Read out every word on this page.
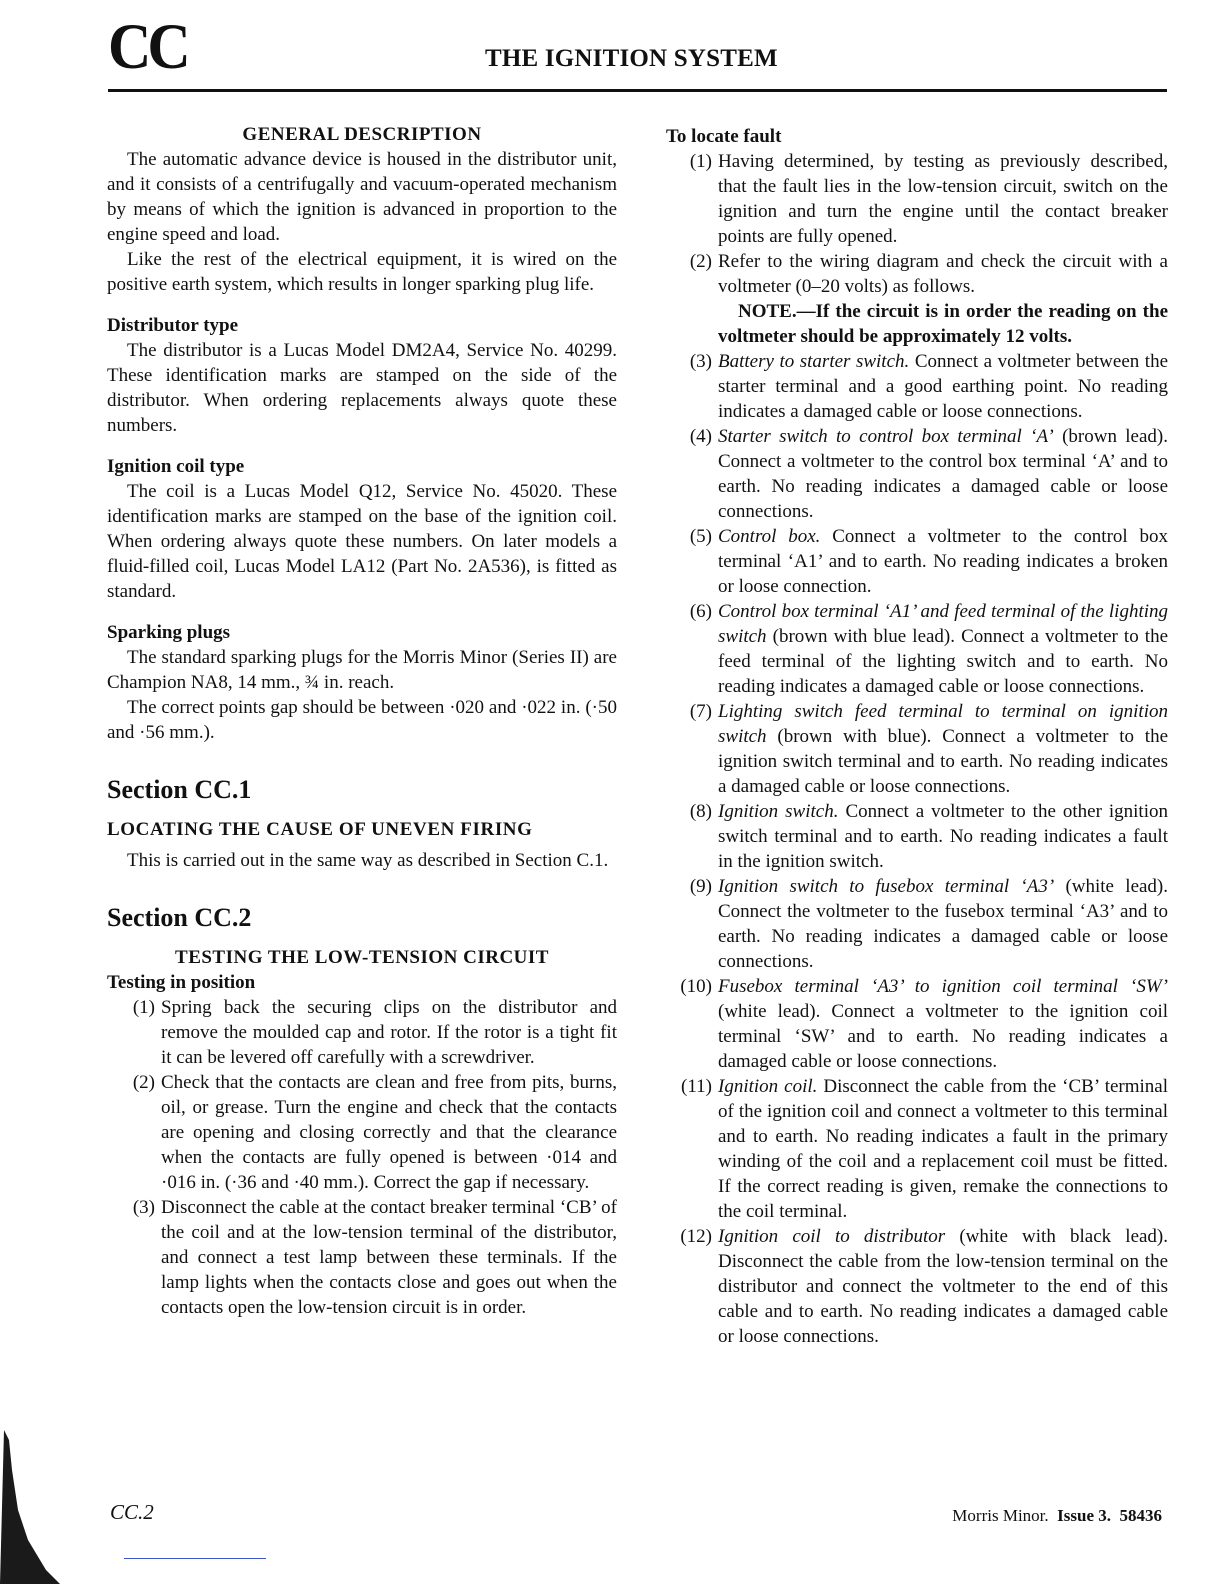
CC	THE IGNITION SYSTEM

GENERAL DESCRIPTION

The automatic advance device is housed in the distributor unit, and it consists of a centrifugally and vacuum-operated mechanism by means of which the ignition is advanced in proportion to the engine speed and load.

Like the rest of the electrical equipment, it is wired on the positive earth system, which results in longer sparking plug life.

Distributor type

The distributor is a Lucas Model DM2A4, Service No. 40299. These identification marks are stamped on the side of the distributor. When ordering replacements always quote these numbers.

Ignition coil type

The coil is a Lucas Model Q12, Service No. 45020. These identification marks are stamped on the base of the ignition coil. When ordering always quote these numbers. On later models a fluid-filled coil, Lucas Model LA12 (Part No. 2A536), is fitted as standard.

Sparking plugs

The standard sparking plugs for the Morris Minor (Series II) are Champion NA8, 14 mm., ¾ in. reach.

The correct points gap should be between ·020 and ·022 in. (·50 and ·56 mm.).

Section CC.1

LOCATING THE CAUSE OF UNEVEN FIRING

This is carried out in the same way as described in Section C.1.

Section CC.2

TESTING THE LOW-TENSION CIRCUIT

Testing in position

(1) Spring back the securing clips on the distributor and remove the moulded cap and rotor. If the rotor is a tight fit it can be levered off carefully with a screwdriver.
(2) Check that the contacts are clean and free from pits, burns, oil, or grease. Turn the engine and check that the contacts are opening and closing correctly and that the clearance when the contacts are fully opened is between ·014 and ·016 in. (·36 and ·40 mm.). Correct the gap if necessary.
(3) Disconnect the cable at the contact breaker terminal ‘CB’ of the coil and at the low-tension terminal of the distributor, and connect a test lamp between these terminals. If the lamp lights when the contacts close and goes out when the contacts open the low-tension circuit is in order.

To locate fault

(1) Having determined, by testing as previously described, that the fault lies in the low-tension circuit, switch on the ignition and turn the engine until the contact breaker points are fully opened.
(2) Refer to the wiring diagram and check the circuit with a voltmeter (0–20 volts) as follows.

NOTE.—If the circuit is in order the reading on the voltmeter should be approximately 12 volts.

(3) Battery to starter switch. Connect a voltmeter between the starter terminal and a good earthing point. No reading indicates a damaged cable or loose connections.
(4) Starter switch to control box terminal ‘A’ (brown lead). Connect a voltmeter to the control box terminal ‘A’ and to earth. No reading indicates a damaged cable or loose connections.
(5) Control box. Connect a voltmeter to the control box terminal ‘A1’ and to earth. No reading indicates a broken or loose connection.
(6) Control box terminal ‘A1’ and feed terminal of the lighting switch (brown with blue lead). Connect a voltmeter to the feed terminal of the lighting switch and to earth. No reading indicates a damaged cable or loose connections.
(7) Lighting switch feed terminal to terminal on ignition switch (brown with blue). Connect a voltmeter to the ignition switch terminal and to earth. No reading indicates a damaged cable or loose connections.
(8) Ignition switch. Connect a voltmeter to the other ignition switch terminal and to earth. No reading indicates a fault in the ignition switch.
(9) Ignition switch to fusebox terminal ‘A3’ (white lead). Connect the voltmeter to the fusebox terminal ‘A3’ and to earth. No reading indicates a damaged cable or loose connections.
(10) Fusebox terminal ‘A3’ to ignition coil terminal ‘SW’ (white lead). Connect a voltmeter to the ignition coil terminal ‘SW’ and to earth. No reading indicates a damaged cable or loose connections.
(11) Ignition coil. Disconnect the cable from the ‘CB’ terminal of the ignition coil and connect a voltmeter to this terminal and to earth. No reading indicates a fault in the primary winding of the coil and a replacement coil must be fitted. If the correct reading is given, remake the connections to the coil terminal.
(12) Ignition coil to distributor (white with black lead). Disconnect the cable from the low-tension terminal on the distributor and connect the voltmeter to the end of this cable and to earth. No reading indicates a damaged cable or loose connections.
CC.2	Morris Minor. Issue 3. 58436
